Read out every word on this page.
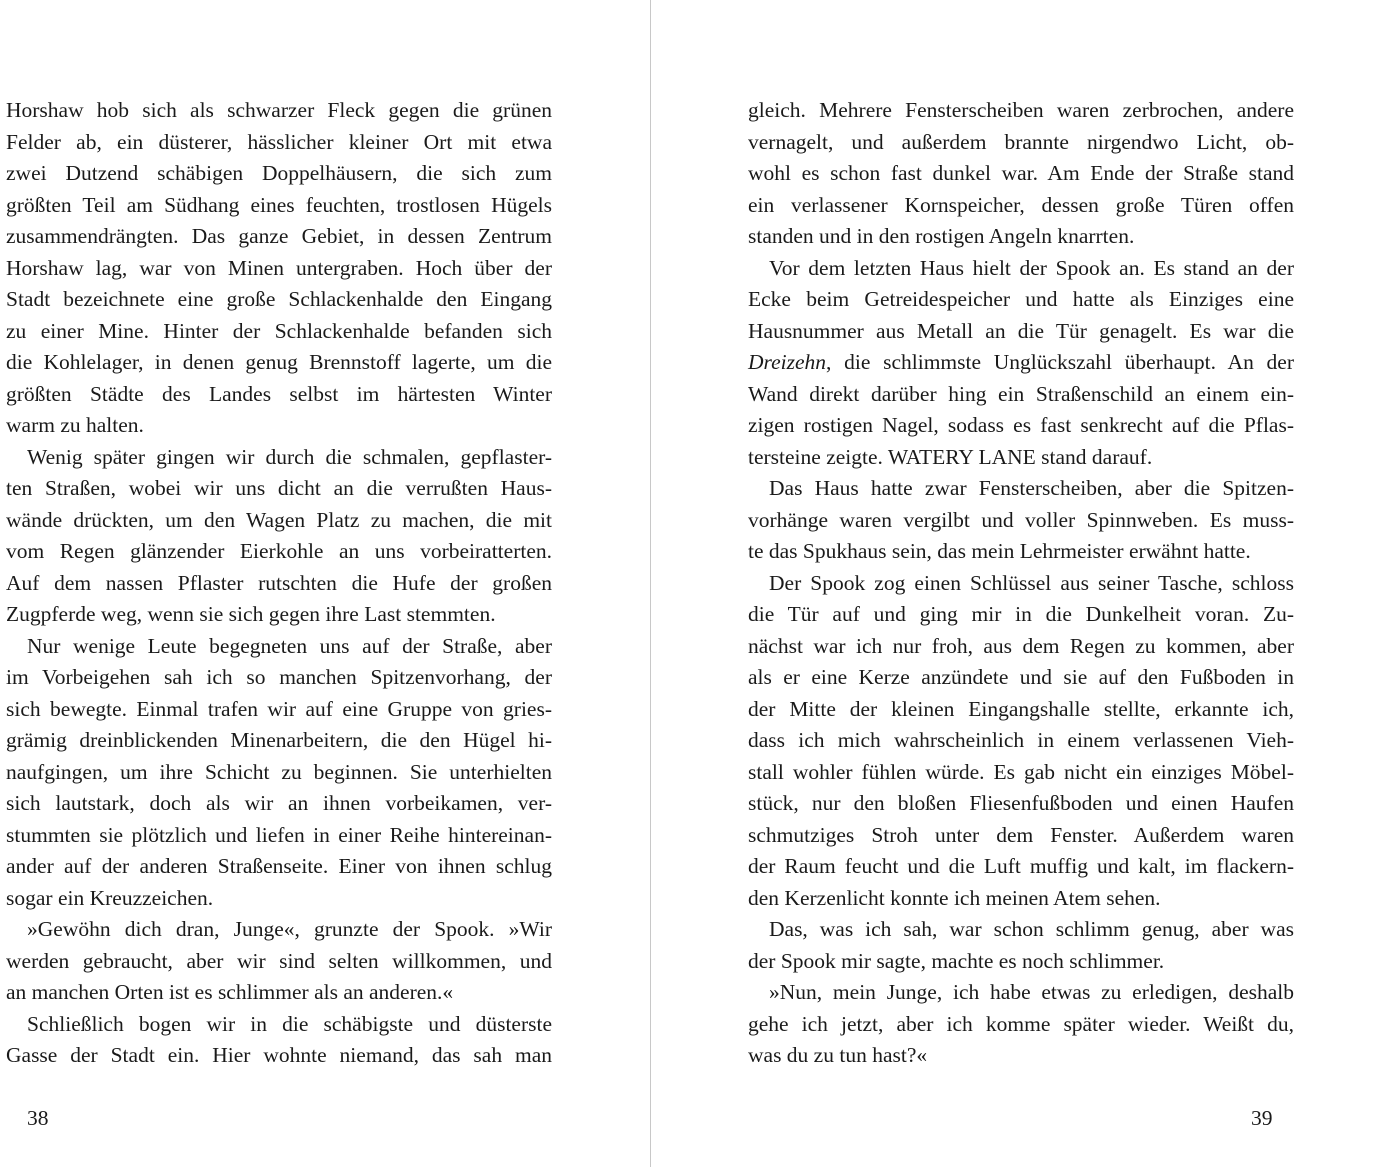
Horshaw hob sich als schwarzer Fleck gegen die grünen
Felder ab, ein düsterer, hässlicher kleiner Ort mit etwa
zwei Dutzend schäbigen Doppelhäusern, die sich zum
größten Teil am Südhang eines feuchten, trostlosen Hügels
zusammendrängten. Das ganze Gebiet, in dessen Zentrum
Horshaw lag, war von Minen untergraben. Hoch über der
Stadt bezeichnete eine große Schlackenhalde den Eingang
zu einer Mine. Hinter der Schlackenhalde befanden sich
die Kohlelager, in denen genug Brennstoff lagerte, um die
größten Städte des Landes selbst im härtesten Winter
warm zu halten.
Wenig später gingen wir durch die schmalen, gepflaster-
ten Straßen, wobei wir uns dicht an die verrußten Haus-
wände drückten, um den Wagen Platz zu machen, die mit
vom Regen glänzender Eierkohle an uns vorbeiratterten.
Auf dem nassen Pflaster rutschten die Hufe der großen
Zugpferde weg, wenn sie sich gegen ihre Last stemmten.
Nur wenige Leute begegneten uns auf der Straße, aber
im Vorbeigehen sah ich so manchen Spitzenvorhang, der
sich bewegte. Einmal trafen wir auf eine Gruppe von gries-
grämig dreinblickenden Minenarbeitern, die den Hügel hi-
naufgingen, um ihre Schicht zu beginnen. Sie unterhielten
sich lautstark, doch als wir an ihnen vorbeikamen, ver-
stummten sie plötzlich und liefen in einer Reihe hintereinan-
ander auf der anderen Straßenseite. Einer von ihnen schlug
sogar ein Kreuzzeichen.
»Gewöhn dich dran, Junge«, grunzte der Spook. »Wir
werden gebraucht, aber wir sind selten willkommen, und
an manchen Orten ist es schlimmer als an anderen.«
Schließlich bogen wir in die schäbigste und düsterste
Gasse der Stadt ein. Hier wohnte niemand, das sah man
38
gleich. Mehrere Fensterscheiben waren zerbrochen, andere
vernagelt, und außerdem brannte nirgendwo Licht, ob-
wohl es schon fast dunkel war. Am Ende der Straße stand
ein verlassener Kornspeicher, dessen große Türen offen
standen und in den rostigen Angeln knarrten.
Vor dem letzten Haus hielt der Spook an. Es stand an der
Ecke beim Getreidespeicher und hatte als Einziges eine
Hausnummer aus Metall an die Tür genagelt. Es war die
Dreizehn, die schlimmste Unglückszahl überhaupt. An der
Wand direkt darüber hing ein Straßenschild an einem ein-
zigen rostigen Nagel, sodass es fast senkrecht auf die Pflas-
tersteine zeigte. WATERY LANE stand darauf.
Das Haus hatte zwar Fensterscheiben, aber die Spitzen-
vorhänge waren vergilbt und voller Spinnweben. Es muss-
te das Spukhaus sein, das mein Lehrmeister erwähnt hatte.
Der Spook zog einen Schlüssel aus seiner Tasche, schloss
die Tür auf und ging mir in die Dunkelheit voran. Zu-
nächst war ich nur froh, aus dem Regen zu kommen, aber
als er eine Kerze anzündete und sie auf den Fußboden in
der Mitte der kleinen Eingangshalle stellte, erkannte ich,
dass ich mich wahrscheinlich in einem verlassenen Vieh-
stall wohler fühlen würde. Es gab nicht ein einziges Möbel-
stück, nur den bloßen Fliesenfußboden und einen Haufen
schmutziges Stroh unter dem Fenster. Außerdem waren
der Raum feucht und die Luft muffig und kalt, im flackern-
den Kerzenlicht konnte ich meinen Atem sehen.
Das, was ich sah, war schon schlimm genug, aber was
der Spook mir sagte, machte es noch schlimmer.
»Nun, mein Junge, ich habe etwas zu erledigen, deshalb
gehe ich jetzt, aber ich komme später wieder. Weißt du,
was du zu tun hast?«
39
